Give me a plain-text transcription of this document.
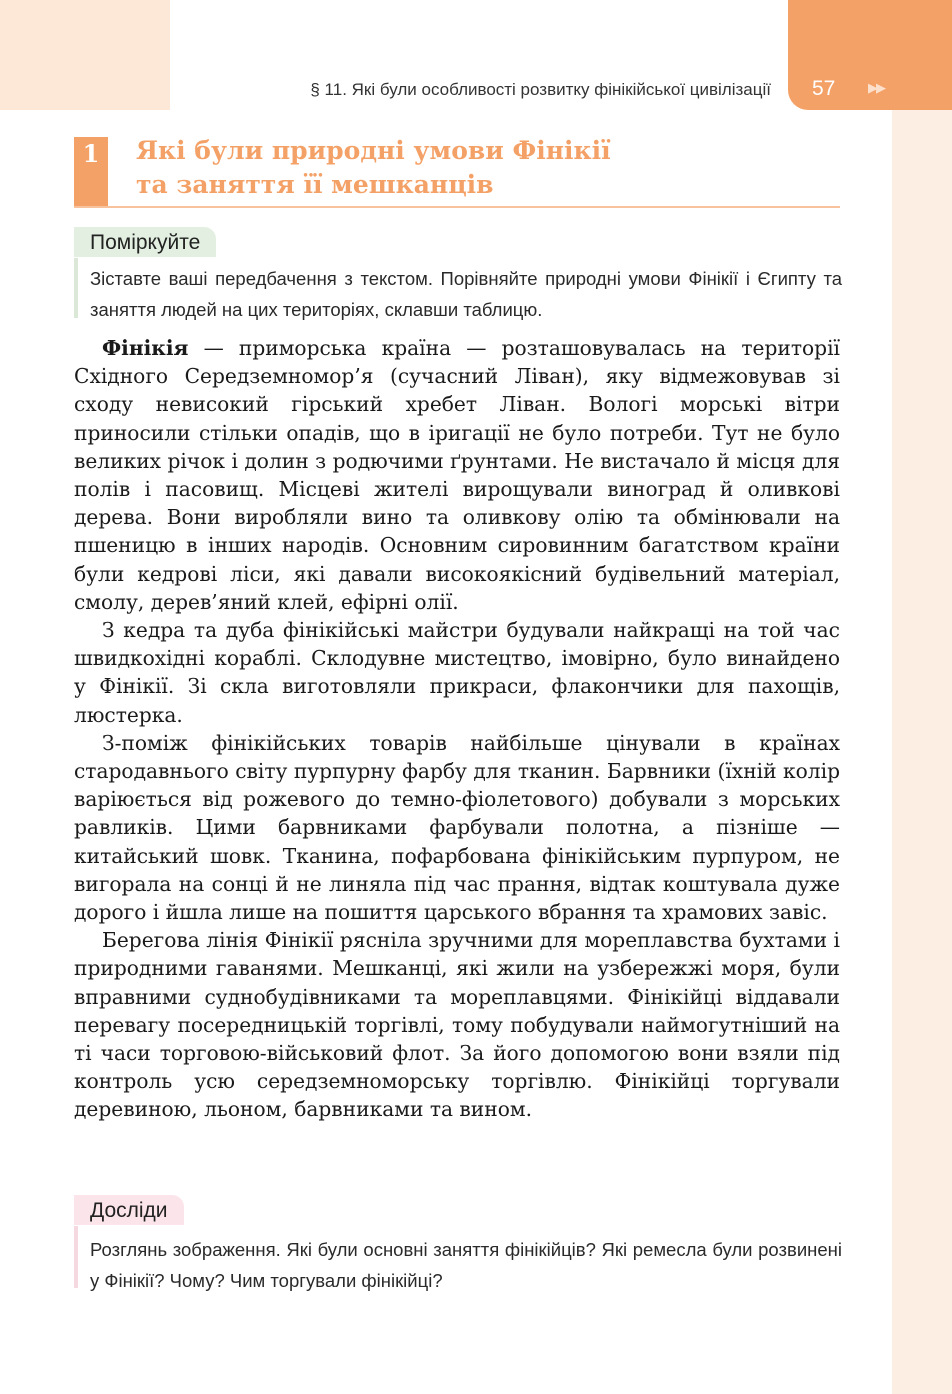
§ 11. Які були особливості розвитку фінікійської цивілізації 57	▶▶
1	Які були природні умови Фінікії
та заняття її мешканців
Поміркуйте
Зіставте ваші передбачення з текстом. Порівняйте природні умови Фінікії і Єгипту та заняття людей на цих територіях, склавши таблицю.

Фінікія — приморська країна — розташовувалась на території Східного Середземномор’я (сучасний Ліван), яку відмежовував зі сходу невисокий гірський хребет Ліван. Вологі морські вітри приносили стільки опадів, що в іригації не було потреби. Тут не було великих річок і долин з родючими ґрунтами. Не вистачало й місця для полів і пасовищ. Місцеві жителі вирощували виноград й оливкові дерева. Вони виробляли вино та оливкову олію та обмінювали на пшеницю в інших народів. Основним сировинним багатством країни були кедрові ліси, які давали високоякісний будівельний матеріал, смолу, дерев’яний клей, ефірні олії.

З кедра та дуба фінікійські майстри будували найкращі на той час швидкохідні кораблі. Склодувне мистецтво, імовірно, було винайдено у Фінікії. Зі скла виготовляли прикраси, флакончики для пахощів, люстерка.

З-поміж фінікійських товарів найбільше цінували в країнах стародавнього світу пурпурну фарбу для тканин. Барвники (їхній колір варіюється від рожевого до темно-фіолетового) добували з морських равликів. Цими барвниками фарбували полотна, а пізніше — китайський шовк. Тканина, пофарбована фінікійським пурпуром, не вигорала на сонці й не линяла під час прання, відтак коштувала дуже дорого і йшла лише на пошиття царського вбрання та храмових завіс.

Берегова лінія Фінікії рясніла зручними для мореплавства бухтами і природними гаванями. Мешканці, які жили на узбережжі моря, були вправними суднобудівниками та мореплавцями. Фінікійці віддавали перевагу посередницькій торгівлі, тому побудували наймогутніший на ті часи торговою-військовий флот. За його допомогою вони взяли під контроль усю середземноморську торгівлю. Фінікійці торгували деревиною, льоном, барвниками та вином.

Досліди
Розглянь зображення. Які були основні заняття фінікійців? Які ремесла були розвинені у Фінікії? Чому? Чим торгували фінікійці?
